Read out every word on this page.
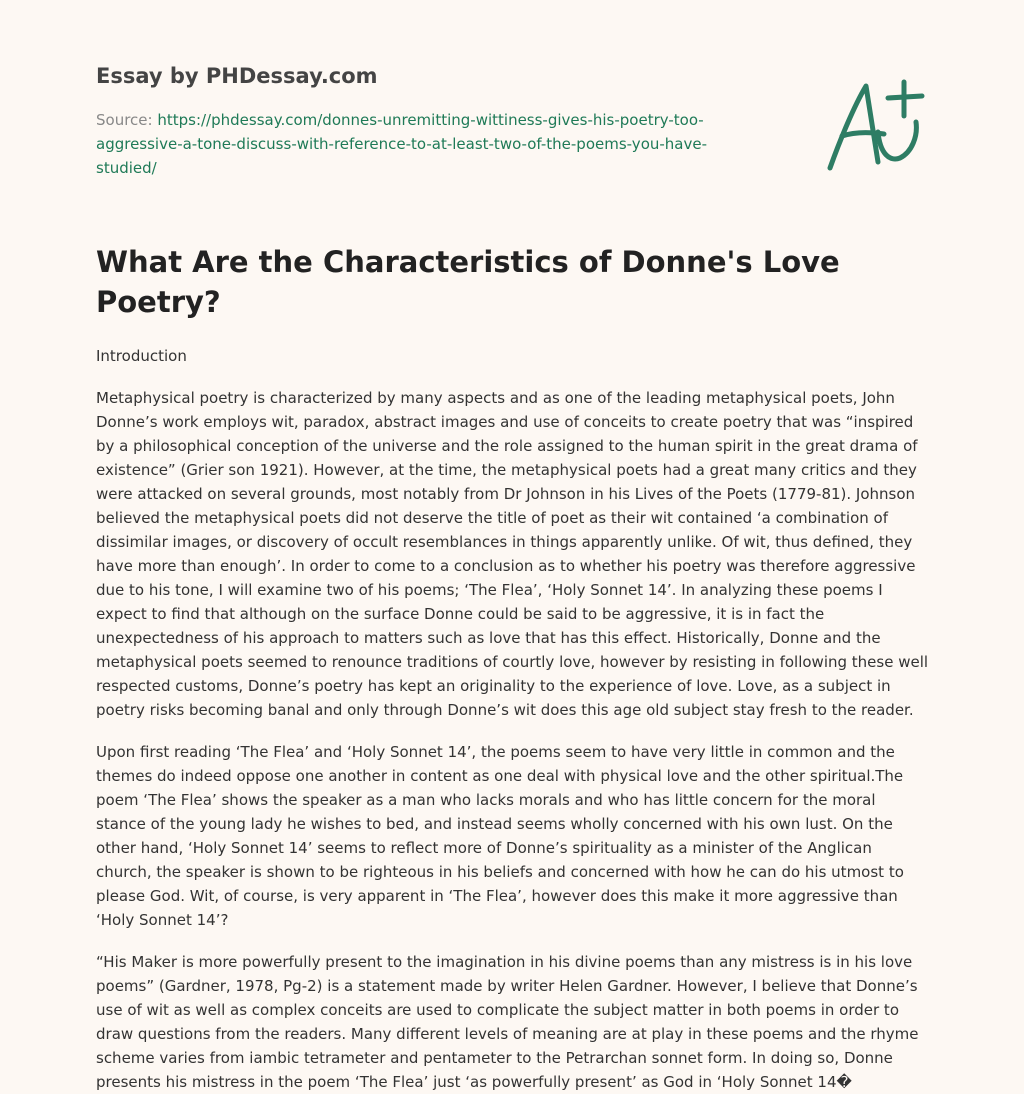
Essay by PHDessay.com
Source: https://phdessay.com/donnes-unremitting-wittiness-gives-his-poetry-too-aggressive-a-tone-discuss-with-reference-to-at-least-two-of-the-poems-you-have-studied/
What Are the Characteristics of Donne's Love Poetry?

Introduction

Metaphysical poetry is characterized by many aspects and as one of the leading metaphysical poets, John Donne’s work employs wit, paradox, abstract images and use of conceits to create poetry that was “inspired by a philosophical conception of the universe and the role assigned to the human spirit in the great drama of existence” (Grier son 1921). However, at the time, the metaphysical poets had a great many critics and they were attacked on several grounds, most notably from Dr Johnson in his Lives of the Poets (1779-81). Johnson believed the metaphysical poets did not deserve the title of poet as their wit contained ‘a combination of dissimilar images, or discovery of occult resemblances in things apparently unlike. Of wit, thus defined, they have more than enough’. In order to come to a conclusion as to whether his poetry was therefore aggressive due to his tone, I will examine two of his poems; ‘The Flea’, ‘Holy Sonnet 14’. In analyzing these poems I expect to find that although on the surface Donne could be said to be aggressive, it is in fact the unexpectedness of his approach to matters such as love that has this effect. Historically, Donne and the metaphysical poets seemed to renounce traditions of courtly love, however by resisting in following these well respected customs, Donne’s poetry has kept an originality to the experience of love. Love, as a subject in poetry risks becoming banal and only through Donne’s wit does this age old subject stay fresh to the reader.

Upon first reading ‘The Flea’ and ‘Holy Sonnet 14’, the poems seem to have very little in common and the themes do indeed oppose one another in content as one deal with physical love and the other spiritual.The poem ‘The Flea’ shows the speaker as a man who lacks morals and who has little concern for the moral stance of the young lady he wishes to bed, and instead seems wholly concerned with his own lust. On the other hand, ‘Holy Sonnet 14’ seems to reflect more of Donne’s spirituality as a minister of the Anglican church, the speaker is shown to be righteous in his beliefs and concerned with how he can do his utmost to please God. Wit, of course, is very apparent in ‘The Flea’, however does this make it more aggressive than ‘Holy Sonnet 14’?

“His Maker is more powerfully present to the imagination in his divine poems than any mistress is in his love poems” (Gardner, 1978, Pg-2) is a statement made by writer Helen Gardner. However, I believe that Donne’s use of wit as well as complex conceits are used to complicate the subject matter in both poems in order to draw questions from the readers. Many different levels of meaning are at play in these poems and the rhyme scheme varies from iambic tetrameter and pentameter to the Petrarchan sonnet form. In doing so, Donne presents his mistress in the poem ‘The Flea’ just ‘as powerfully present’ as God in ‘Holy Sonnet 14�
